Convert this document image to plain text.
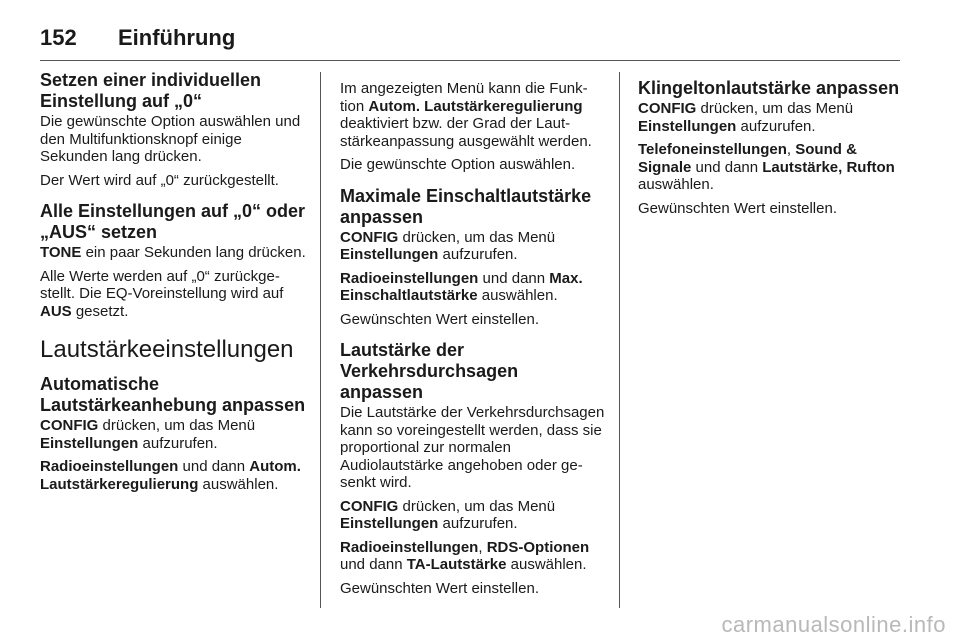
152	Einführung
Setzen einer individuellen Einstellung auf „0“

Die gewünschte Option auswählen und den Multifunktionsknopf einige Sekunden lang drücken.

Der Wert wird auf „0“ zurückgestellt.

Alle Einstellungen auf „0“ oder „AUS“ setzen

TONE ein paar Sekunden lang drücken.

Alle Werte werden auf „0“ zurückgestellt. Die EQ-Voreinstellung wird auf AUS gesetzt.

Lautstärkeeinstellungen
Automatische Lautstärkeanhebung anpassen

CONFIG drücken, um das Menü Einstellungen aufzurufen.

Radioeinstellungen und dann Autom. Lautstärkeregulierung auswählen.

Im angezeigten Menü kann die Funktion Autom. Lautstärkeregulierung deaktiviert bzw. der Grad der Lautstärkeanpassung ausgewählt werden.

Die gewünschte Option auswählen.

Maximale Einschaltlautstärke anpassen

CONFIG drücken, um das Menü Einstellungen aufzurufen.

Radioeinstellungen und dann Max. Einschaltlautstärke auswählen.

Gewünschten Wert einstellen.

Lautstärke der Verkehrsdurchsagen anpassen

Die Lautstärke der Verkehrsdurchsagen kann so voreingestellt werden, dass sie proportional zur normalen Audiolautstärke angehoben oder gesenkt wird.

CONFIG drücken, um das Menü Einstellungen aufzurufen.

Radioeinstellungen, RDS-Optionen und dann TA-Lautstärke auswählen.

Gewünschten Wert einstellen.

Klingeltonlautstärke anpassen

CONFIG drücken, um das Menü Einstellungen aufzurufen.

Telefoneinstellungen, Sound & Signale und dann Lautstärke, Rufton auswählen.

Gewünschten Wert einstellen.

carmanualsonline.info
